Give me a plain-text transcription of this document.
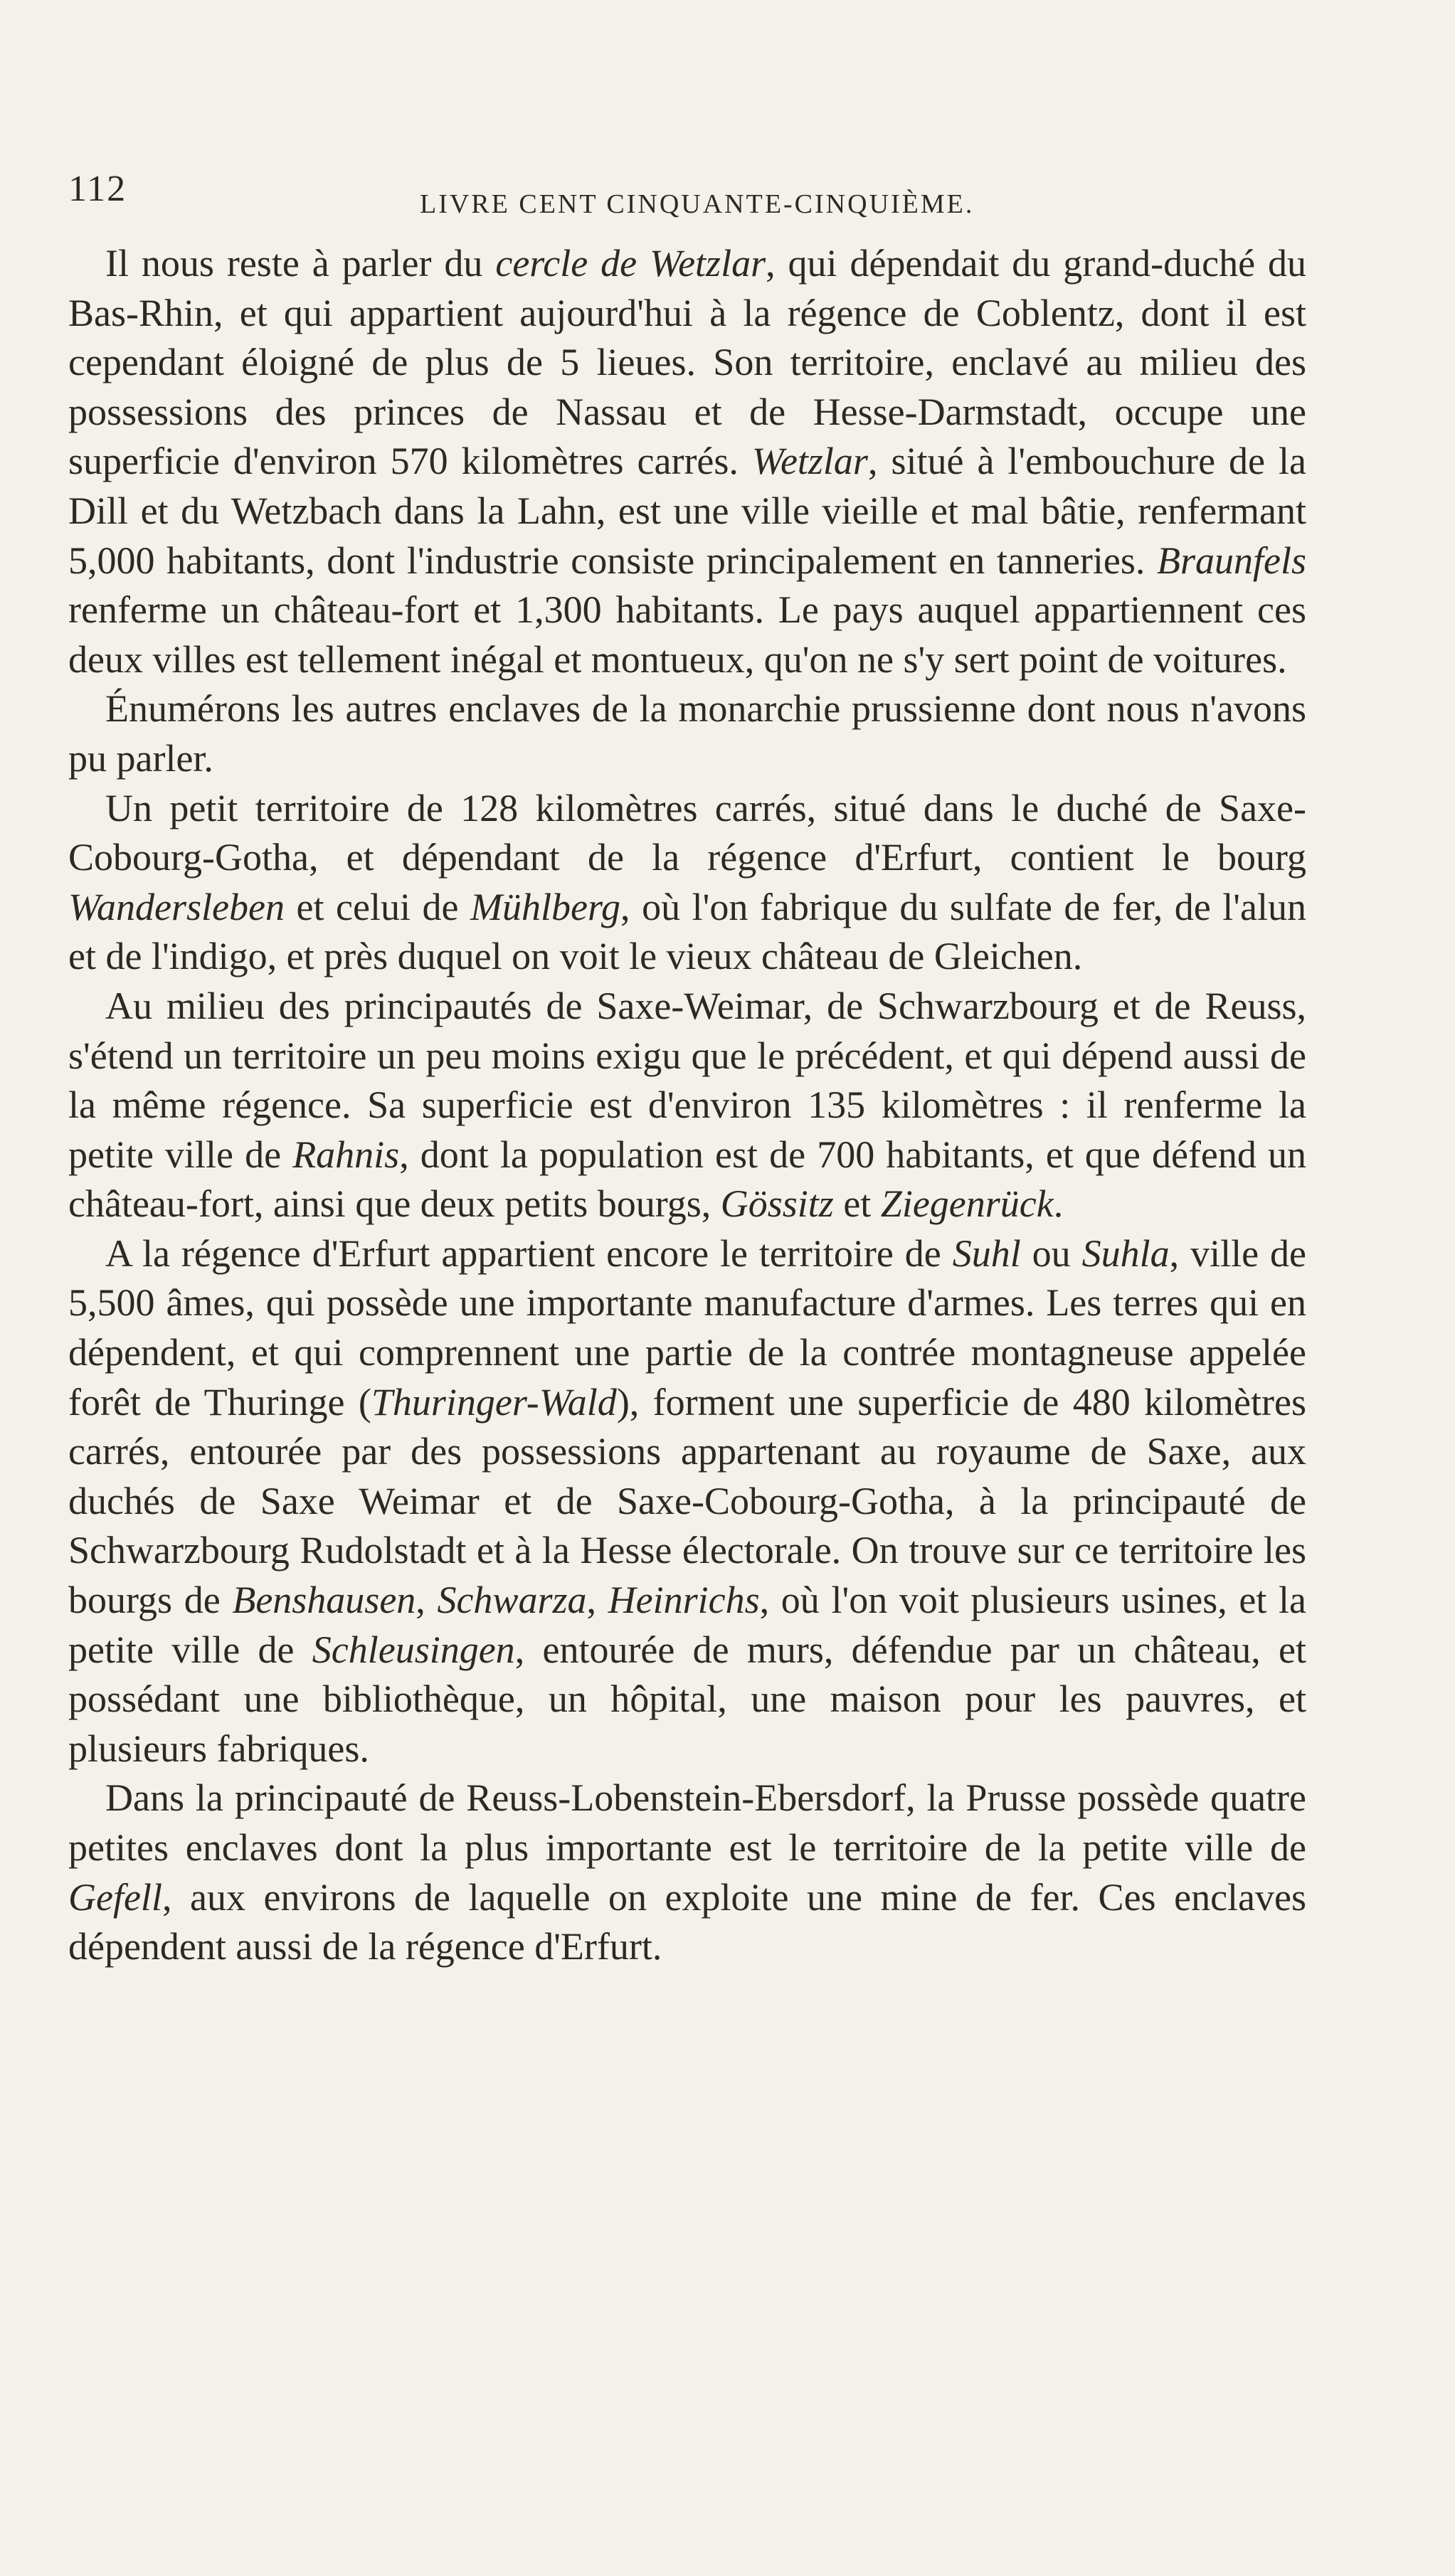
112	LIVRE CENT CINQUANTE-CINQUIÈME.

Il nous reste à parler du cercle de Wetzlar, qui dépendait du grand-duché du Bas-Rhin, et qui appartient aujourd'hui à la régence de Coblentz, dont il est cependant éloigné de plus de 5 lieues. Son territoire, enclavé au milieu des possessions des princes de Nassau et de Hesse-Darmstadt, occupe une superficie d'environ 570 kilomètres carrés. Wetzlar, situé à l'embouchure de la Dill et du Wetzbach dans la Lahn, est une ville vieille et mal bâtie, renfermant 5,000 habitants, dont l'industrie consiste principalement en tanneries. Braunfels renferme un château-fort et 1,300 habitants. Le pays auquel appartiennent ces deux villes est tellement inégal et montueux, qu'on ne s'y sert point de voitures.

Énumérons les autres enclaves de la monarchie prussienne dont nous n'avons pu parler.

Un petit territoire de 128 kilomètres carrés, situé dans le duché de Saxe-Cobourg-Gotha, et dépendant de la régence d'Erfurt, contient le bourg Wandersleben et celui de Mühlberg, où l'on fabrique du sulfate de fer, de l'alun et de l'indigo, et près duquel on voit le vieux château de Gleichen.

Au milieu des principautés de Saxe-Weimar, de Schwarzbourg et de Reuss, s'étend un territoire un peu moins exigu que le précédent, et qui dépend aussi de la même régence. Sa superficie est d'environ 135 kilomètres : il renferme la petite ville de Rahnis, dont la population est de 700 habitants, et que défend un château-fort, ainsi que deux petits bourgs, Gössitz et Ziegenrück.

A la régence d'Erfurt appartient encore le territoire de Suhl ou Suhla, ville de 5,500 âmes, qui possède une importante manufacture d'armes. Les terres qui en dépendent, et qui comprennent une partie de la contrée montagneuse appelée forêt de Thuringe (Thuringer-Wald), forment une superficie de 480 kilomètres carrés, entourée par des possessions appartenant au royaume de Saxe, aux duchés de Saxe Weimar et de Saxe-Cobourg-Gotha, à la principauté de Schwarzbourg Rudolstadt et à la Hesse électorale. On trouve sur ce territoire les bourgs de Benshausen, Schwarza, Heinrichs, où l'on voit plusieurs usines, et la petite ville de Schleusingen, entourée de murs, défendue par un château, et possédant une bibliothèque, un hôpital, une maison pour les pauvres, et plusieurs fabriques.

Dans la principauté de Reuss-Lobenstein-Ebersdorf, la Prusse possède quatre petites enclaves dont la plus importante est le territoire de la petite ville de Gefell, aux environs de laquelle on exploite une mine de fer. Ces enclaves dépendent aussi de la régence d'Erfurt.
